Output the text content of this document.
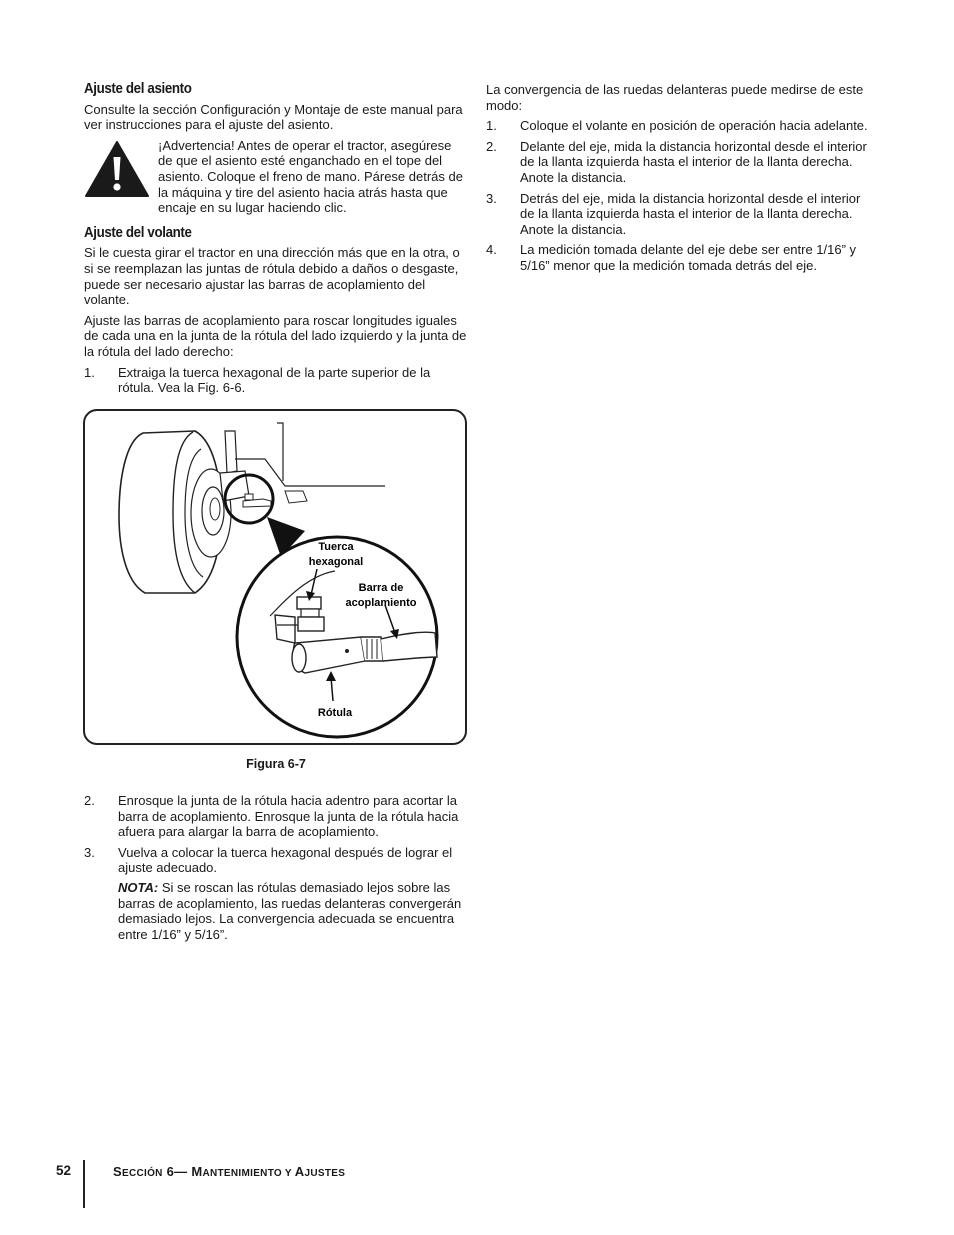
Ajuste del asiento

Consulte la sección Configuración y Montaje de este manual para ver instrucciones para el ajuste del asiento.

¡Advertencia! Antes de operar el tractor, asegúrese de que el asiento esté enganchado en el tope del asiento. Coloque el freno de mano. Párese detrás de la máquina y tire del asiento hacia atrás hasta que encaje en su lugar haciendo clic.

Ajuste del volante

Si le cuesta girar el tractor en una dirección más que en la otra, o si se reemplazan las juntas de rótula debido a daños o desgaste, puede ser necesario ajustar las barras de acoplamiento del volante.

Ajuste las barras de acoplamiento para roscar longitudes iguales de cada una en la junta de la rótula del lado izquierdo y la junta de la rótula del lado derecho:

1. Extraiga la tuerca hexagonal de la parte superior de la rótula. Vea la Fig. 6-6.
Tuerca
hexagonal
Barra de
acoplamiento
Rótula
Figura 6-7
2. Enrosque la junta de la rótula hacia adentro para acortar la barra de acoplamiento. Enrosque la junta de la rótula hacia afuera para alargar la barra de acoplamiento.
3. Vuelva a colocar la tuerca hexagonal después de lograr el ajuste adecuado.
NOTA: Si se roscan las rótulas demasiado lejos sobre las barras de acoplamiento, las ruedas delanteras convergerán demasiado lejos. La convergencia adecuada se encuentra entre 1/16” y 5/16”.

La convergencia de las ruedas delanteras puede medirse de este modo:

1. Coloque el volante en posición de operación hacia adelante.
2. Delante del eje, mida la distancia horizontal desde el interior de la llanta izquierda hasta el interior de la llanta derecha. Anote la distancia.
3. Detrás del eje, mida la distancia horizontal desde el interior de la llanta izquierda hasta el interior de la llanta derecha. Anote la distancia.
4. La medición tomada delante del eje debe ser entre 1/16” y 5/16” menor que la medición tomada detrás del eje.
52	SECCIÓN 6— MANTENIMIENTO Y AJUSTES
